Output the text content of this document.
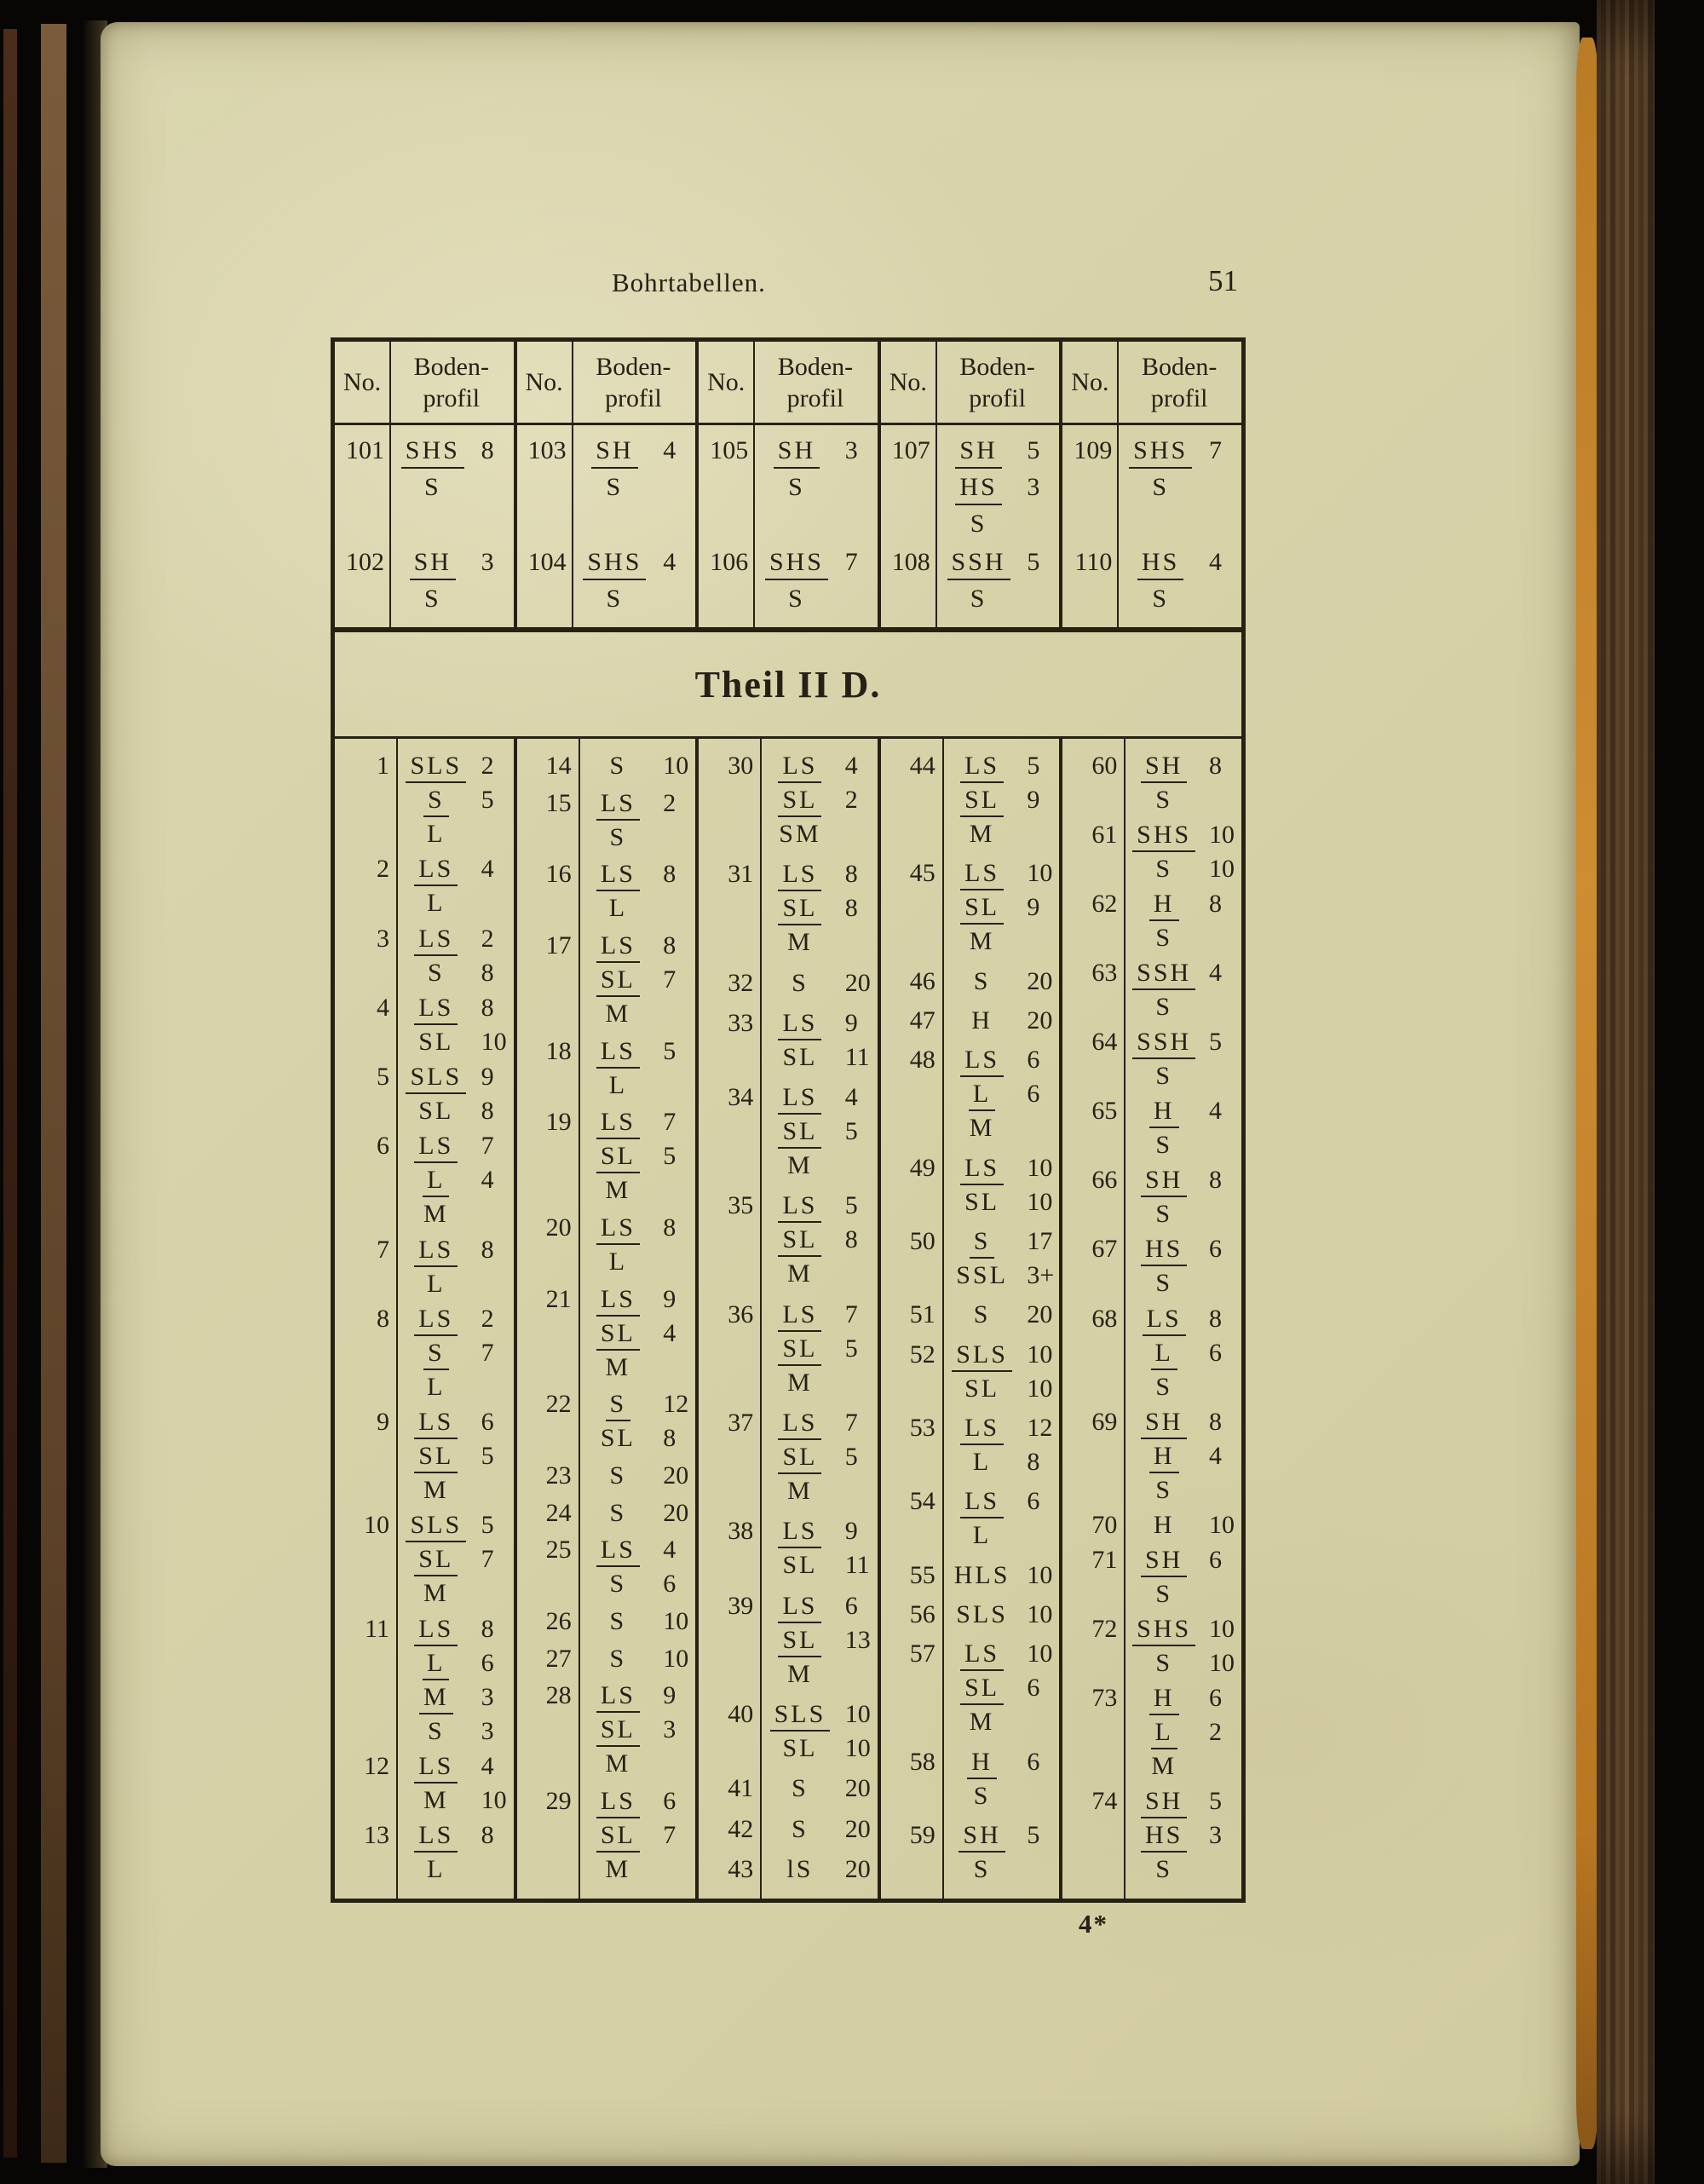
Bohrtabellen.	51
No.
Boden-
profil
No.
Boden-
profil
No.
Boden-
profil
No.
Boden-
profil
No.
Boden-
profil
101 SHS 8
S
102 SH 3
S
103 SH 4
S
104 SHS 4
S
105 SH 3
S
106 SHS 7
S
107 SH 5
HS 3
S
108 SSH 5
S
109 SHS 7
S
110 HS 4
S
Theil II D.
1 SLS 2
S 5
L
2 LS 4
L
3 LS 2
S 8
4 LS 8
SL 10
5 SLS 9
SL 8
6 LS 7
L 4
M
7 LS 8
L
8 LS 2
S 7
L
9 LS 6
SL 5
M
10 SLS 5
SL 7
M
11 LS 8
L 6
M 3
S 3
12 LS 4
M 10
13 LS 8
L
14 S 10
15 LS 2
S
16 LS 8
L
17 LS 8
SL 7
M
18 LS 5
L
19 LS 7
SL 5
M
20 LS 8
L
21 LS 9
SL 4
M
22 S 12
SL 8
23 S 20
24 S 20
25 LS 4
S 6
26 S 10
27 S 10
28 LS 9
SL 3
M
29 LS 6
SL 7
M
30 LS 4
SL 2
SM
31 LS 8
SL 8
M
32 S 20
33 LS 9
SL 11
34 LS 4
SL 5
M
35 LS 5
SL 8
M
36 LS 7
SL 5
M
37 LS 7
SL 5
M
38 LS 9
SL 11
39 LS 6
SL 13
M
40 SLS 10
SL 10
41 S 20
42 S 20
43 lS 20
44 LS 5
SL 9
M
45 LS 10
SL 9
M
46 S 20
47 H 20
48 LS 6
L 6
M
49 LS 10
SL 10
50 S 17
SSL 3+
51 S 20
52 SLS 10
SL 10
53 LS 12
L 8
54 LS 6
L
55 HLS 10
56 SLS 10
57 LS 10
SL 6
M
58 H 6
S
59 SH 5
S
60 SH 8
S
61 SHS 10
S 10
62 H 8
S
63 SSH 4
S
64 SSH 5
S
65 H 4
S
66 SH 8
S
67 HS 6
S
68 LS 8
L 6
S
69 SH 8
H 4
S
70 H 10
71 SH 6
S
72 SHS 10
S 10
73 H 6
L 2
M
74 SH 5
HS 3
S
4*
